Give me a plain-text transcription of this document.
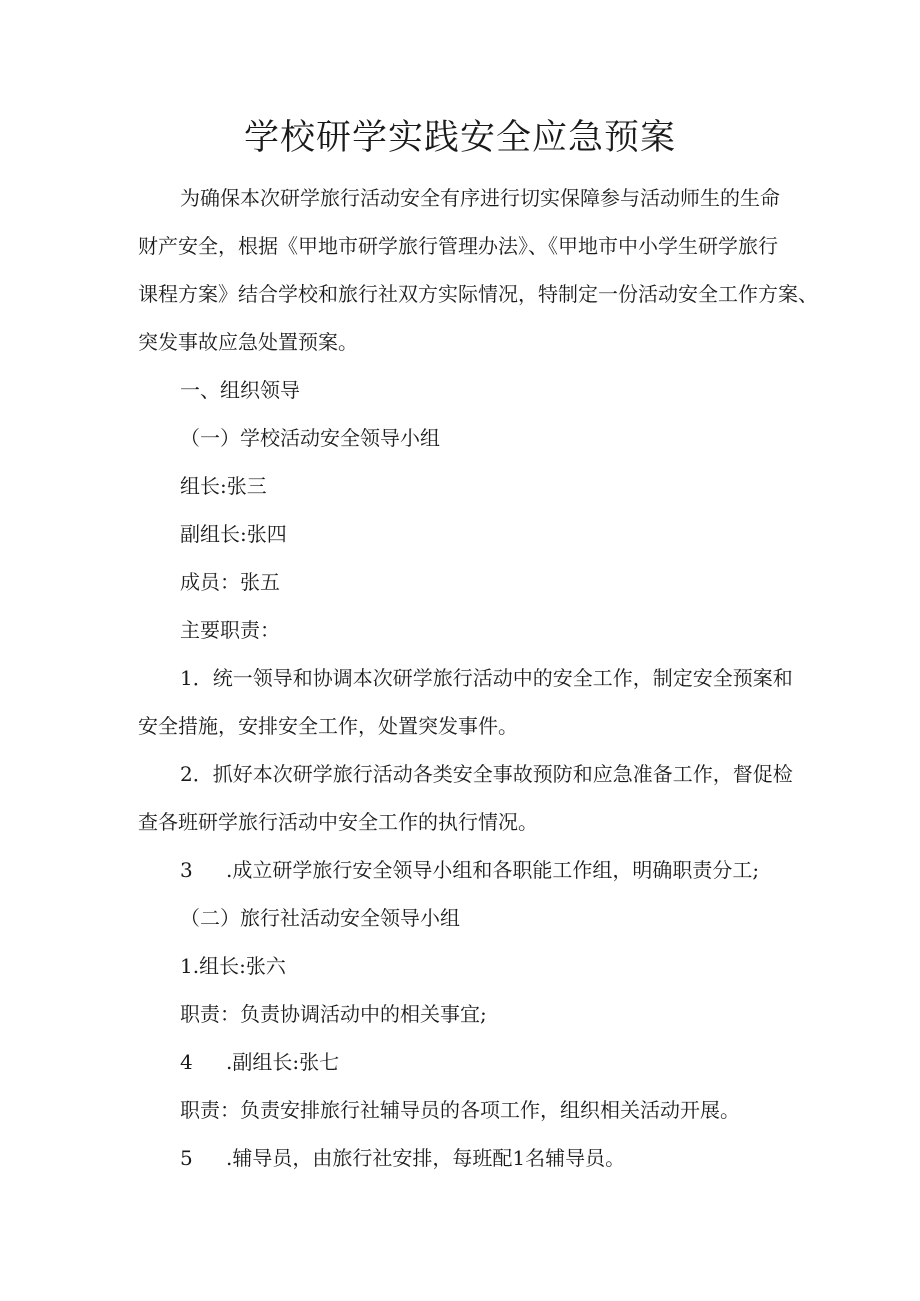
学校研学实践安全应急预案

为确保本次研学旅行活动安全有序进行切实保障参与活动师生的生命

财产安全，根据《甲地市研学旅行管理办法》、《甲地市中小学生研学旅行

课程方案》结合学校和旅行社双方实际情况，特制定一份活动安全工作方案、

突发事故应急处置预案。

一、组织领导

（一）学校活动安全领导小组

组长:张三

副组长:张四

成员：张五

主要职责：

1．统一领导和协调本次研学旅行活动中的安全工作，制定安全预案和

安全措施，安排安全工作，处置突发事件。

2．抓好本次研学旅行活动各类安全事故预防和应急准备工作，督促检

查各班研学旅行活动中安全工作的执行情况。

3 .成立研学旅行安全领导小组和各职能工作组，明确职责分工;

（二）旅行社活动安全领导小组

1.组长:张六

职责：负责协调活动中的相关事宜;

4 .副组长:张七

职责：负责安排旅行社辅导员的各项工作，组织相关活动开展。

5 .辅导员，由旅行社安排，每班配1名辅导员。
